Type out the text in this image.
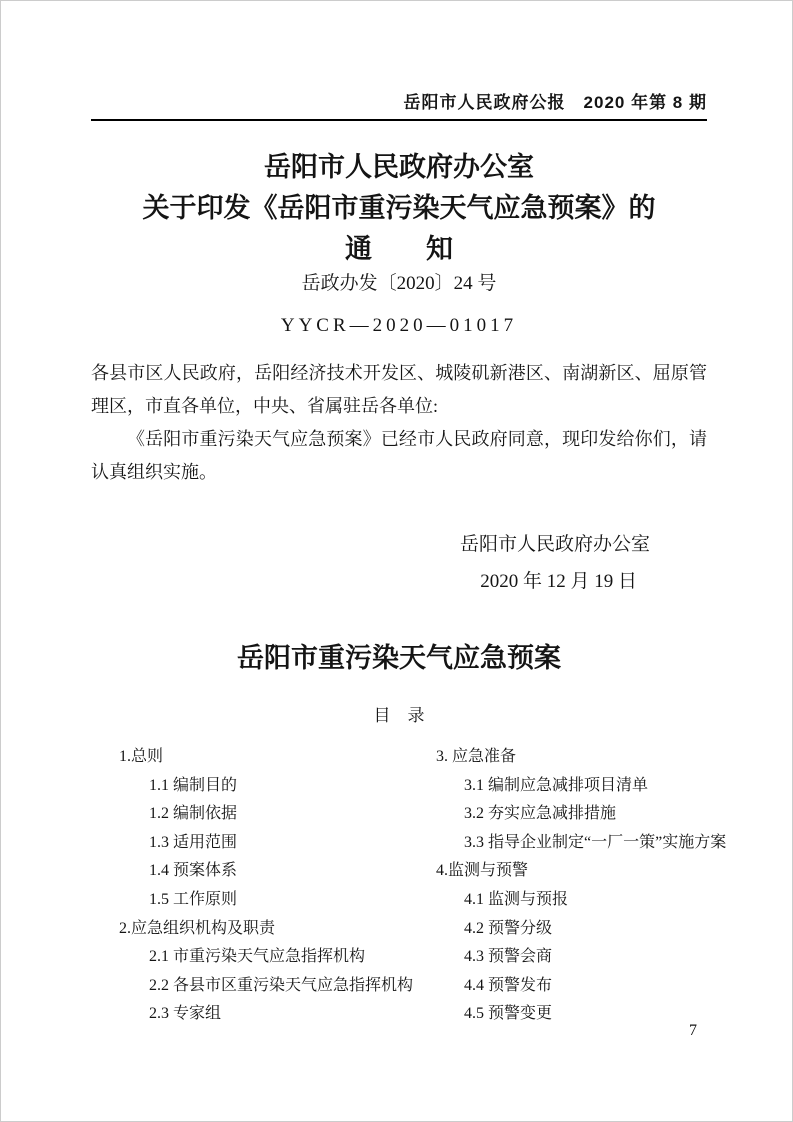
岳阳市人民政府公报　2020 年第 8 期
岳阳市人民政府办公室
关于印发《岳阳市重污染天气应急预案》的
通　　知
岳政办发〔2020〕24 号
YYCR—2020—01017

各县市区人民政府，岳阳经济技术开发区、城陵矶新港区、南湖新区、屈原管理区，市直各单位，中央、省属驻岳各单位:

《岳阳市重污染天气应急预案》已经市人民政府同意，现印发给你们，请认真组织实施。

岳阳市人民政府办公室
2020 年 12 月 19 日
岳阳市重污染天气应急预案
目　录
1.总则
1.1 编制目的
1.2 编制依据
1.3 适用范围
1.4 预案体系
1.5 工作原则
2.应急组织机构及职责
2.1 市重污染天气应急指挥机构
2.2 各县市区重污染天气应急指挥机构
2.3 专家组
3. 应急准备
3.1 编制应急减排项目清单
3.2 夯实应急减排措施
3.3 指导企业制定“一厂一策”实施方案
4.监测与预警
4.1 监测与预报
4.2 预警分级
4.3 预警会商
4.4 预警发布
4.5 预警变更
7
